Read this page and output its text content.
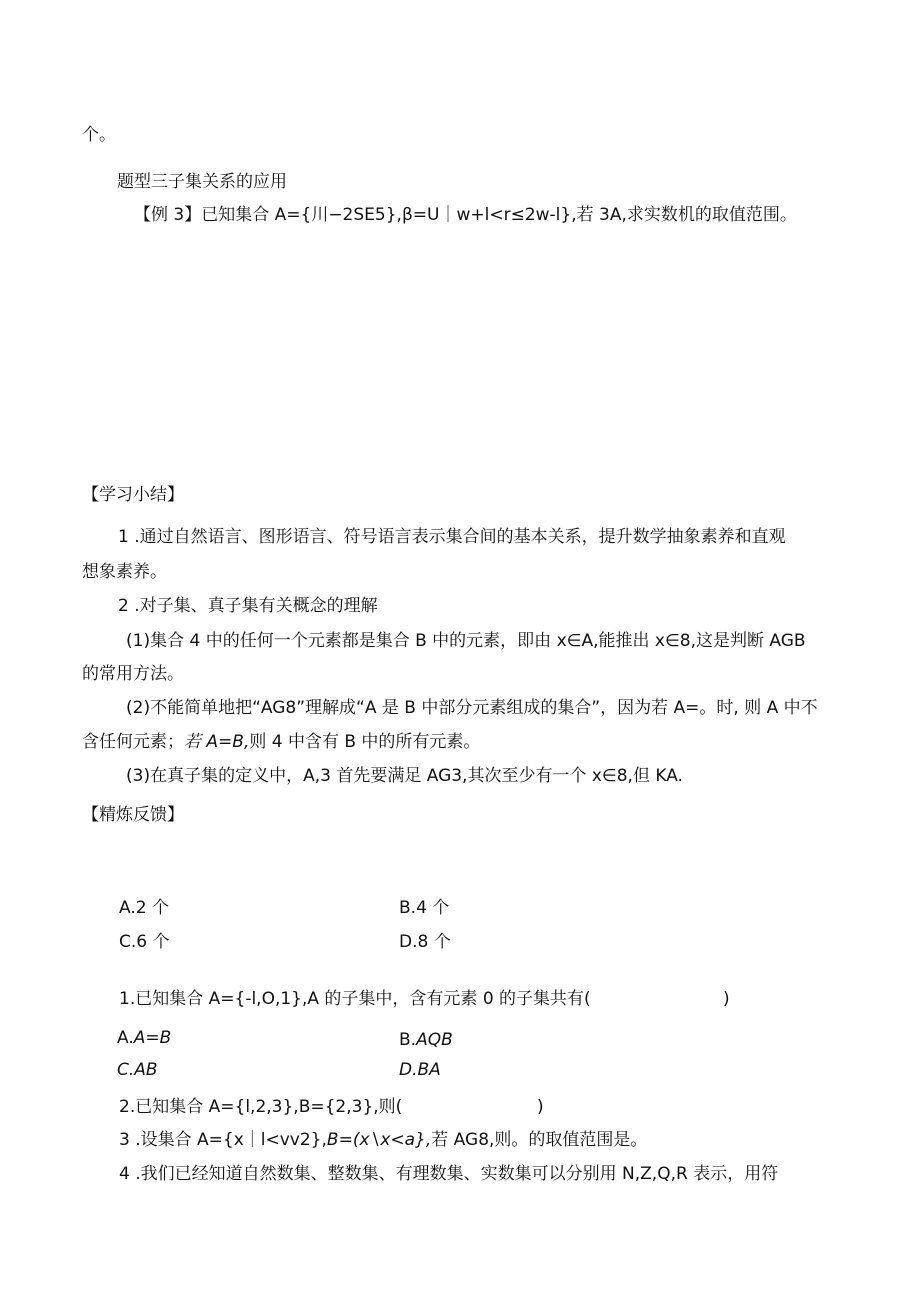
个。
题型三子集关系的应用
【例 3】已知集合 A={川−2SE5},β=U｜w+l<r≤2w-l},若 3A,求实数机的取值范围。
【学习小结】
1 .通过自然语言、图形语言、符号语言表示集合间的基本关系，提升数学抽象素养和直观
想象素养。
2 .对子集、真子集有关概念的理解
(1)集合 4 中的任何一个元素都是集合 B 中的元素，即由 x∈A,能推出 x∈8,这是判断 AGB
的常用方法。
(2)不能简单地把“AG8”理解成“A 是 B 中部分元素组成的集合”，因为若 A=。时, 则 A 中不
含任何元素；若 A=B,则 4 中含有 B 中的所有元素。
(3)在真子集的定义中，A,3 首先要满足 AG3,其次至少有一个 x∈8,但 KA.
【精炼反馈】
A.2 个	B.4 个
C.6 个	D.8 个
1.已知集合 A={-l,O,1},A 的子集中，含有元素 0 的子集共有(	)
A.A=B	B.AQB
C.AB	D.BA
2.已知集合 A={l,2,3},B={2,3},则(	)
3 .设集合 A={x｜l<vv2},B=(x∖x<a},若 AG8,则。的取值范围是。
4 .我们已经知道自然数集、整数集、有理数集、实数集可以分别用 N,Z,Q,R 表示，用符
